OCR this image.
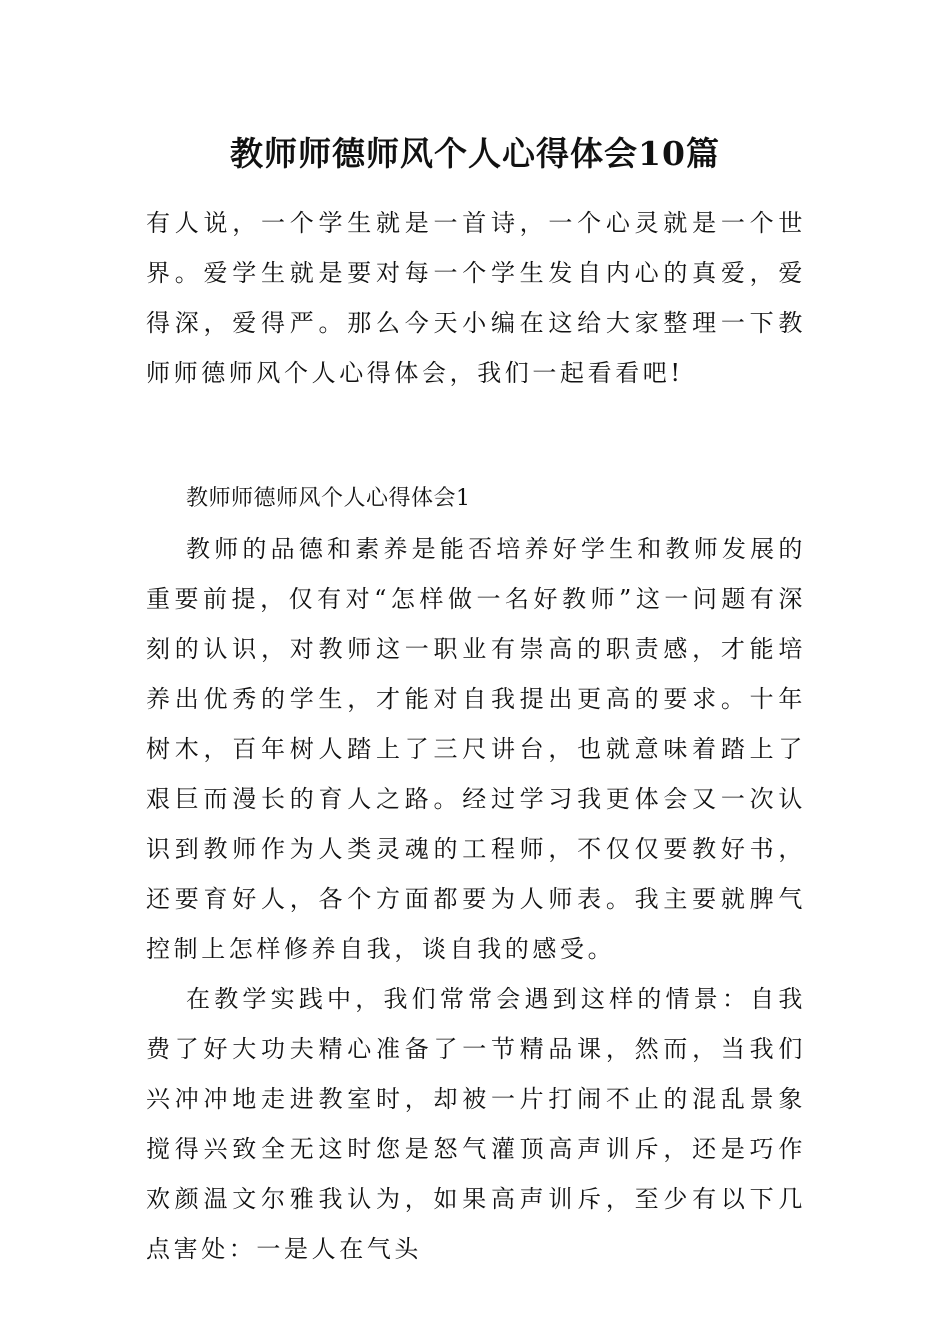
教师师德师风个人心得体会10篇

有人说，一个学生就是一首诗，一个心灵就是一个世界。爱学生就是要对每一个学生发自内心的真爱，爱得深，爱得严。那么今天小编在这给大家整理一下教师师德师风个人心得体会，我们一起看看吧!

教师师德师风个人心得体会1

教师的品德和素养是能否培养好学生和教师发展的重要前提，仅有对“怎样做一名好教师”这一问题有深刻的认识，对教师这一职业有崇高的职责感，才能培养出优秀的学生，才能对自我提出更高的要求。十年树木，百年树人踏上了三尺讲台，也就意味着踏上了艰巨而漫长的育人之路。经过学习我更体会又一次认识到教师作为人类灵魂的工程师，不仅仅要教好书，还要育好人，各个方面都要为人师表。我主要就脾气控制上怎样修养自我，谈自我的感受。

在教学实践中，我们常常会遇到这样的情景：自我费了好大功夫精心准备了一节精品课，然而，当我们兴冲冲地走进教室时，却被一片打闹不止的混乱景象搅得兴致全无这时您是怒气灌顶高声训斥，还是巧作欢颜温文尔雅我认为，如果高声训斥，至少有以下几点害处：一是人在气头
